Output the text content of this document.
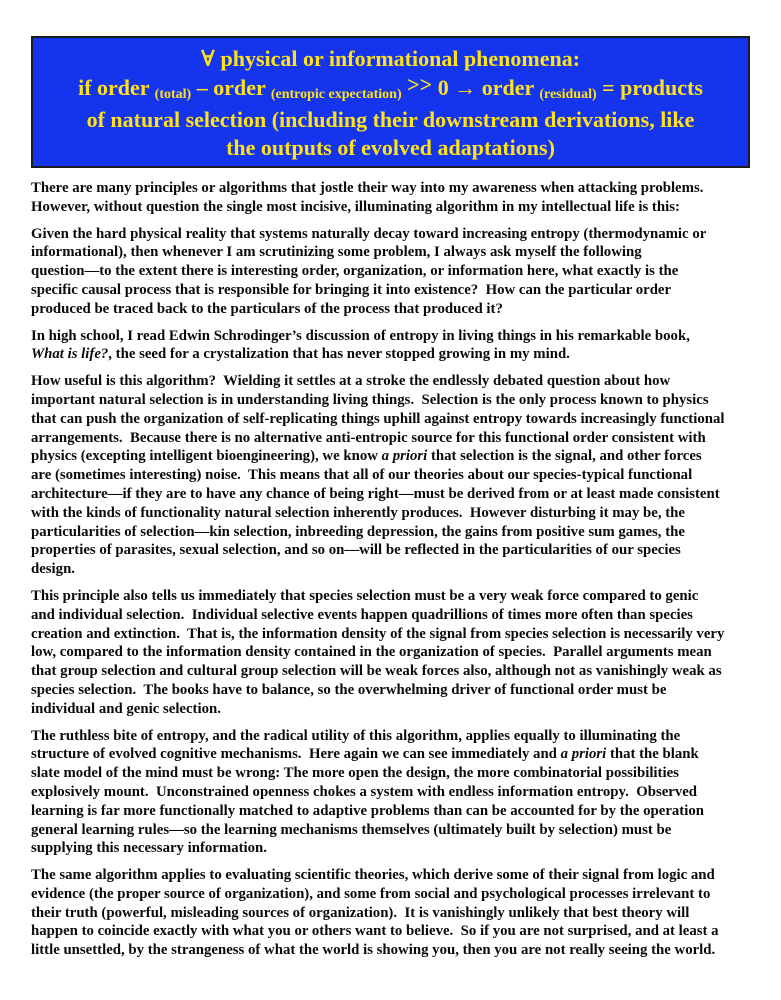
∀ physical or informational phenomena:
if order (total) – order (entropic expectation) >> 0 → order (residual) = products
of natural selection (including their downstream derivations, like
the outputs of evolved adaptations)
There are many principles or algorithms that jostle their way into my awareness when attacking problems.
However, without question the single most incisive, illuminating algorithm in my intellectual life is this:
Given the hard physical reality that systems naturally decay toward increasing entropy (thermodynamic or
informational), then whenever I am scrutinizing some problem, I always ask myself the following
question—to the extent there is interesting order, organization, or information here, what exactly is the
specific causal process that is responsible for bringing it into existence?  How can the particular order
produced be traced back to the particulars of the process that produced it?
In high school, I read Edwin Schrodinger’s discussion of entropy in living things in his remarkable book,
What is life?, the seed for a crystalization that has never stopped growing in my mind.
How useful is this algorithm?  Wielding it settles at a stroke the endlessly debated question about how
important natural selection is in understanding living things.  Selection is the only process known to physics
that can push the organization of self-replicating things uphill against entropy towards increasingly functional
arrangements.  Because there is no alternative anti-entropic source for this functional order consistent with
physics (excepting intelligent bioengineering), we know a priori that selection is the signal, and other forces
are (sometimes interesting) noise.  This means that all of our theories about our species-typical functional
architecture—if they are to have any chance of being right—must be derived from or at least made consistent
with the kinds of functionality natural selection inherently produces.  However disturbing it may be, the
particularities of selection—kin selection, inbreeding depression, the gains from positive sum games, the
properties of parasites, sexual selection, and so on—will be reflected in the particularities of our species
design.
This principle also tells us immediately that species selection must be a very weak force compared to genic
and individual selection.  Individual selective events happen quadrillions of times more often than species
creation and extinction.  That is, the information density of the signal from species selection is necessarily very
low, compared to the information density contained in the organization of species.  Parallel arguments mean
that group selection and cultural group selection will be weak forces also, although not as vanishingly weak as
species selection.  The books have to balance, so the overwhelming driver of functional order must be
individual and genic selection.
The ruthless bite of entropy, and the radical utility of this algorithm, applies equally to illuminating the
structure of evolved cognitive mechanisms.  Here again we can see immediately and a priori that the blank
slate model of the mind must be wrong: The more open the design, the more combinatorial possibilities
explosively mount.  Unconstrained openness chokes a system with endless information entropy.  Observed
learning is far more functionally matched to adaptive problems than can be accounted for by the operation
general learning rules—so the learning mechanisms themselves (ultimately built by selection) must be
supplying this necessary information.
The same algorithm applies to evaluating scientific theories, which derive some of their signal from logic and
evidence (the proper source of organization), and some from social and psychological processes irrelevant to
their truth (powerful, misleading sources of organization).  It is vanishingly unlikely that best theory will
happen to coincide exactly with what you or others want to believe.  So if you are not surprised, and at least a
little unsettled, by the strangeness of what the world is showing you, then you are not really seeing the world.
